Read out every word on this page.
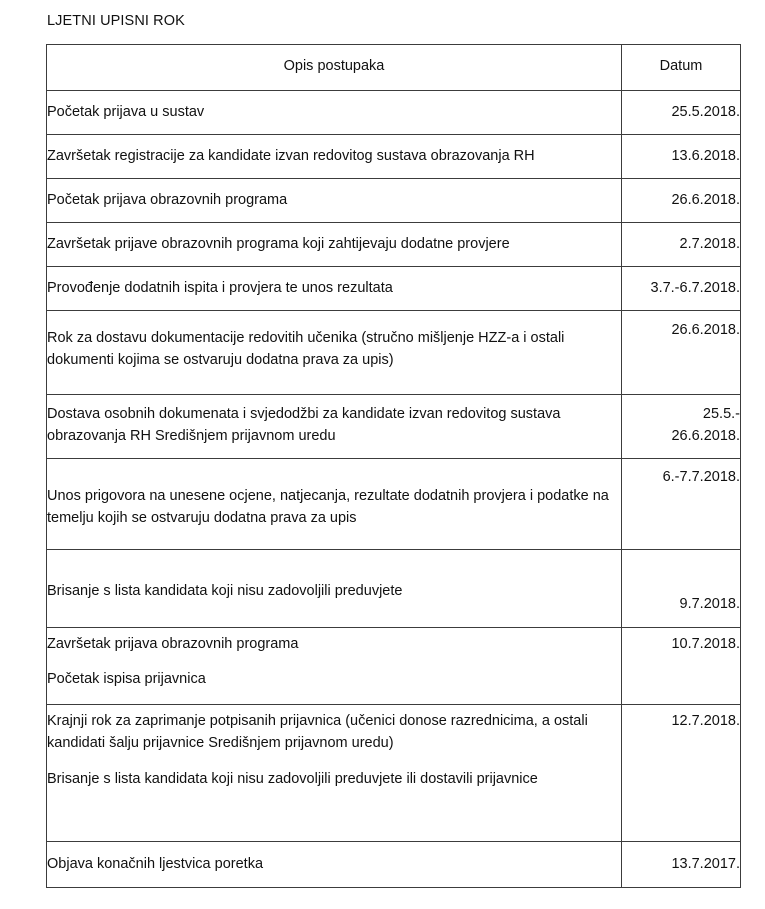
LJETNI UPISNI ROK
Opis postupaka	Datum

Početak prijava u sustav	25.5.2018.

Završetak registracije za kandidate izvan redovitog sustava obrazovanja RH	13.6.2018.

Početak prijava obrazovnih programa	26.6.2018.

Završetak prijave obrazovnih programa koji zahtijevaju dodatne provjere	2.7.2018.

Provođenje dodatnih ispita i provjera te unos rezultata	3.7.-6.7.2018.

Rok za dostavu dokumentacije redovitih učenika (stručno mišljenje HZZ-a i ostali dokumenti kojima se ostvaruju dodatna prava za upis)	26.6.2018.

Dostava osobnih dokumenata i svjedodžbi za kandidate izvan redovitog sustava obrazovanja RH Središnjem prijavnom uredu	25.5.-
26.6.2018.

Unos prigovora na unesene ocjene, natjecanja, rezultate dodatnih provjera i podatke na temelju kojih se ostvaruju dodatna prava za upis	6.-7.7.2018.

Brisanje s lista kandidata koji nisu zadovoljili preduvjete	9.7.2018.

Završetak prijava obrazovnih programa
Početak ispisa prijavnica	10.7.2018.

Krajnji rok za zaprimanje potpisanih prijavnica (učenici donose razrednicima, a ostali kandidati šalju prijavnice Središnjem prijavnom uredu)
Brisanje s lista kandidata koji nisu zadovoljili preduvjete ili dostavili prijavnice	12.7.2018.

Objava konačnih ljestvica poretka	13.7.2017.
